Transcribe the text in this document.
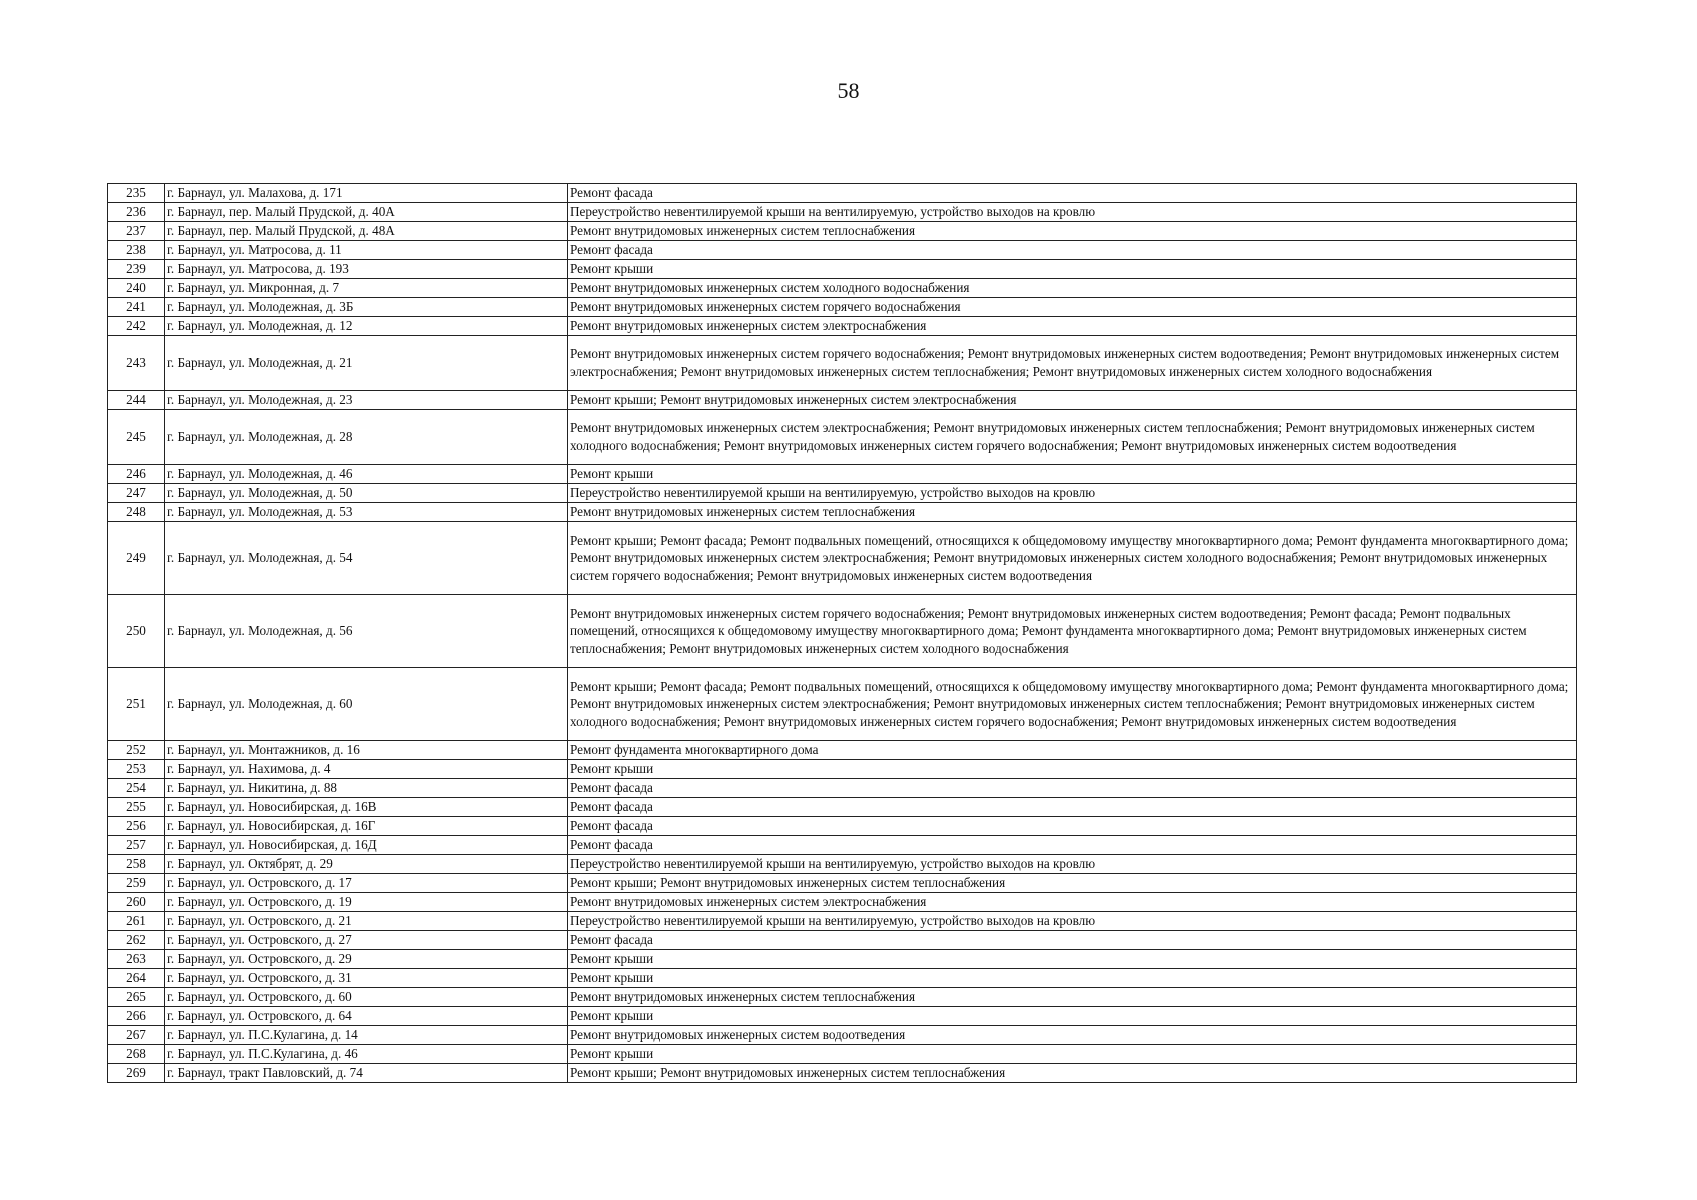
58
235	г. Барнаул, ул. Малахова, д. 171	Ремонт фасада
236	г. Барнаул, пер. Малый Прудской, д. 40А	Переустройство невентилируемой крыши на вентилируемую, устройство выходов на кровлю
237	г. Барнаул, пер. Малый Прудской, д. 48А	Ремонт внутридомовых инженерных систем теплоснабжения
238	г. Барнаул, ул. Матросова, д. 11	Ремонт фасада
239	г. Барнаул, ул. Матросова, д. 193	Ремонт крыши
240	г. Барнаул, ул. Микронная, д. 7	Ремонт внутридомовых инженерных систем холодного водоснабжения
241	г. Барнаул, ул. Молодежная, д. 3Б	Ремонт внутридомовых инженерных систем горячего водоснабжения
242	г. Барнаул, ул. Молодежная, д. 12	Ремонт внутридомовых инженерных систем электроснабжения
243	г. Барнаул, ул. Молодежная, д. 21	Ремонт внутридомовых инженерных систем горячего водоснабжения; Ремонт внутридомовых инженерных систем водоотведения; Ремонт внутридомовых инженерных систем электроснабжения; Ремонт внутридомовых инженерных систем теплоснабжения; Ремонт внутридомовых инженерных систем холодного водоснабжения
244	г. Барнаул, ул. Молодежная, д. 23	Ремонт крыши; Ремонт внутридомовых инженерных систем электроснабжения
245	г. Барнаул, ул. Молодежная, д. 28	Ремонт внутридомовых инженерных систем электроснабжения; Ремонт внутридомовых инженерных систем теплоснабжения; Ремонт внутридомовых инженерных систем холодного водоснабжения; Ремонт внутридомовых инженерных систем горячего водоснабжения; Ремонт внутридомовых инженерных систем водоотведения
246	г. Барнаул, ул. Молодежная, д. 46	Ремонт крыши
247	г. Барнаул, ул. Молодежная, д. 50	Переустройство невентилируемой крыши на вентилируемую, устройство выходов на кровлю
248	г. Барнаул, ул. Молодежная, д. 53	Ремонт внутридомовых инженерных систем теплоснабжения
249	г. Барнаул, ул. Молодежная, д. 54	Ремонт крыши; Ремонт фасада; Ремонт подвальных помещений, относящихся к общедомовому имуществу многоквартирного дома; Ремонт фундамента многоквартирного дома; Ремонт внутридомовых инженерных систем электроснабжения; Ремонт внутридомовых инженерных систем холодного водоснабжения; Ремонт внутридомовых инженерных систем горячего водоснабжения; Ремонт внутридомовых инженерных систем водоотведения
250	г. Барнаул, ул. Молодежная, д. 56	Ремонт внутридомовых инженерных систем горячего водоснабжения; Ремонт внутридомовых инженерных систем водоотведения; Ремонт фасада; Ремонт подвальных помещений, относящихся к общедомовому имуществу многоквартирного дома; Ремонт фундамента многоквартирного дома; Ремонт внутридомовых инженерных систем теплоснабжения; Ремонт внутридомовых инженерных систем холодного водоснабжения
251	г. Барнаул, ул. Молодежная, д. 60	Ремонт крыши; Ремонт фасада; Ремонт подвальных помещений, относящихся к общедомовому имуществу многоквартирного дома; Ремонт фундамента многоквартирного дома; Ремонт внутридомовых инженерных систем электроснабжения; Ремонт внутридомовых инженерных систем теплоснабжения; Ремонт внутридомовых инженерных систем холодного водоснабжения; Ремонт внутридомовых инженерных систем горячего водоснабжения; Ремонт внутридомовых инженерных систем водоотведения
252	г. Барнаул, ул. Монтажников, д. 16	Ремонт фундамента многоквартирного дома
253	г. Барнаул, ул. Нахимова, д. 4	Ремонт крыши
254	г. Барнаул, ул. Никитина, д. 88	Ремонт фасада
255	г. Барнаул, ул. Новосибирская, д. 16В	Ремонт фасада
256	г. Барнаул, ул. Новосибирская, д. 16Г	Ремонт фасада
257	г. Барнаул, ул. Новосибирская, д. 16Д	Ремонт фасада
258	г. Барнаул, ул. Октябрят, д. 29	Переустройство невентилируемой крыши на вентилируемую, устройство выходов на кровлю
259	г. Барнаул, ул. Островского, д. 17	Ремонт крыши; Ремонт внутридомовых инженерных систем теплоснабжения
260	г. Барнаул, ул. Островского, д. 19	Ремонт внутридомовых инженерных систем электроснабжения
261	г. Барнаул, ул. Островского, д. 21	Переустройство невентилируемой крыши на вентилируемую, устройство выходов на кровлю
262	г. Барнаул, ул. Островского, д. 27	Ремонт фасада
263	г. Барнаул, ул. Островского, д. 29	Ремонт крыши
264	г. Барнаул, ул. Островского, д. 31	Ремонт крыши
265	г. Барнаул, ул. Островского, д. 60	Ремонт внутридомовых инженерных систем теплоснабжения
266	г. Барнаул, ул. Островского, д. 64	Ремонт крыши
267	г. Барнаул, ул. П.С.Кулагина, д. 14	Ремонт внутридомовых инженерных систем водоотведения
268	г. Барнаул, ул. П.С.Кулагина, д. 46	Ремонт крыши
269	г. Барнаул, тракт Павловский, д. 74	Ремонт крыши; Ремонт внутридомовых инженерных систем теплоснабжения
